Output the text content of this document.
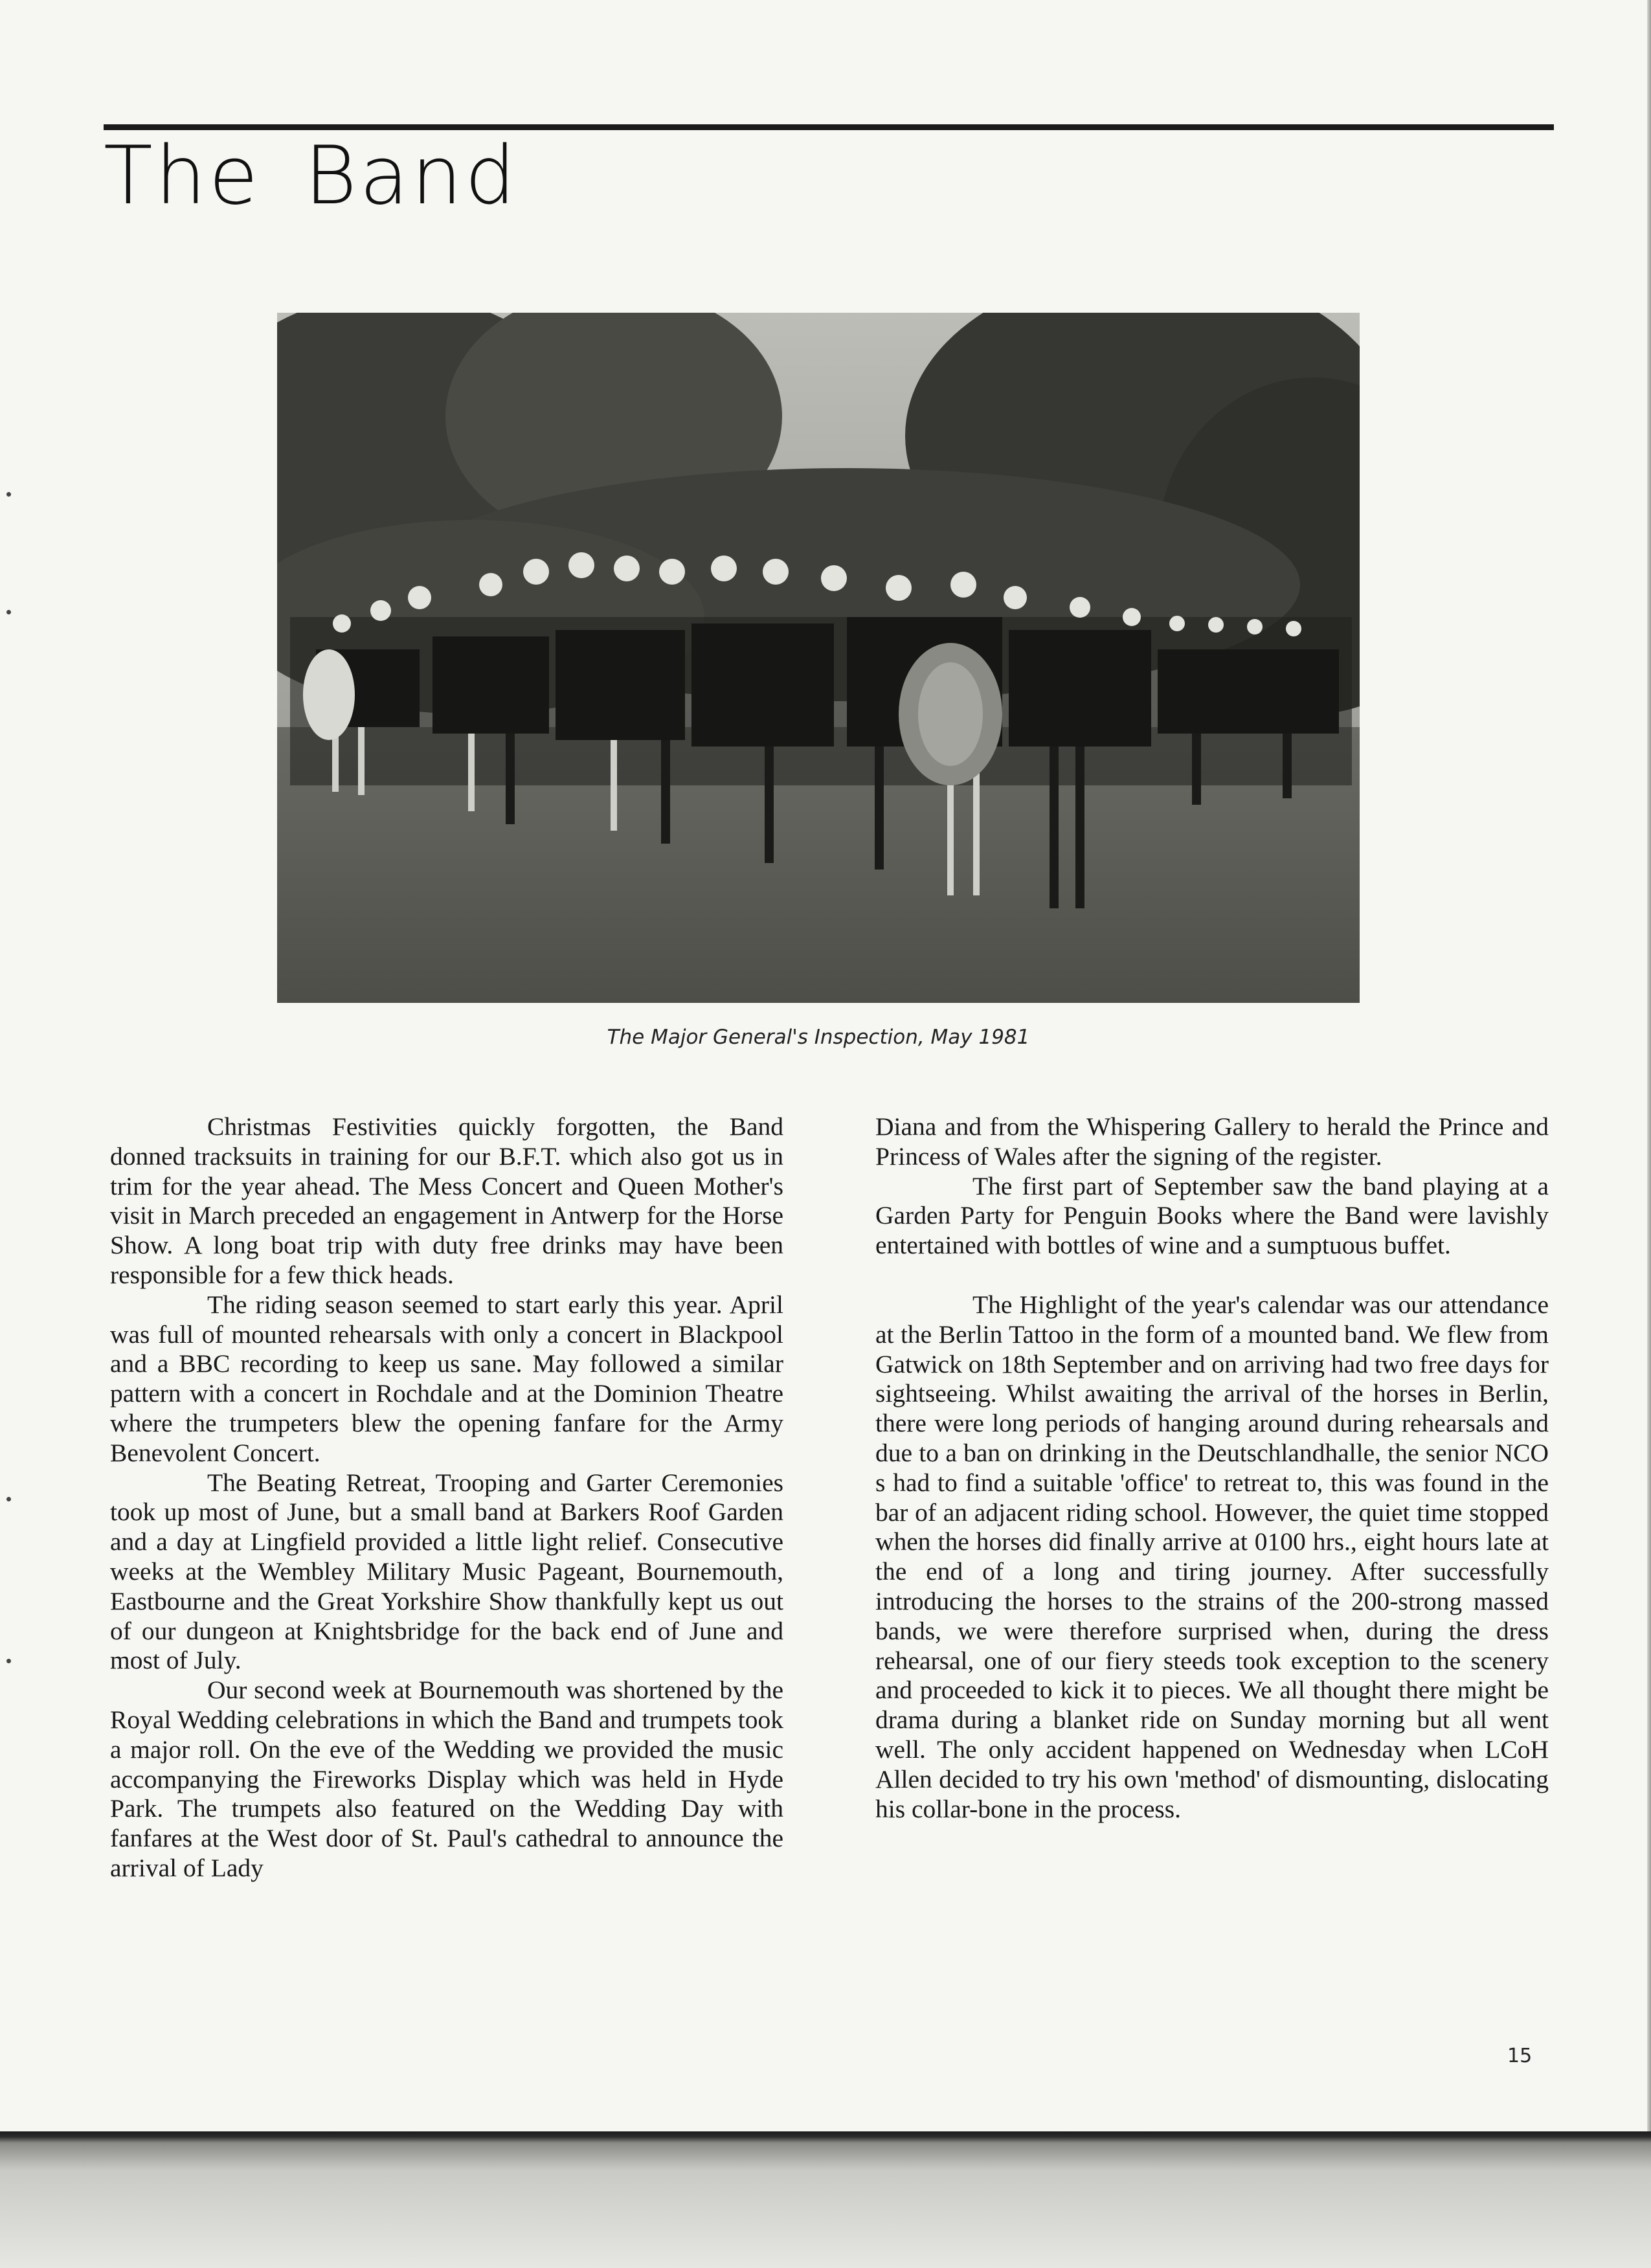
The Band
The Major General's Inspection, May 1981

Christmas Festivities quickly forgotten, the Band donned tracksuits in training for our B.F.T. which also got us in trim for the year ahead. The Mess Concert and Queen Mother's visit in March preceded an engagement in Antwerp for the Horse Show. A long boat trip with duty free drinks may have been responsible for a few thick heads.

The riding season seemed to start early this year. April was full of mounted rehearsals with only a concert in Blackpool and a BBC recording to keep us sane. May followed a similar pattern with a concert in Rochdale and at the Dominion Theatre where the trumpeters blew the opening fanfare for the Army Benevolent Concert.

The Beating Retreat, Trooping and Garter Ceremonies took up most of June, but a small band at Barkers Roof Garden and a day at Lingfield provided a little light relief. Consecutive weeks at the Wembley Military Music Pageant, Bournemouth, Eastbourne and the Great Yorkshire Show thankfully kept us out of our dungeon at Knightsbridge for the back end of June and most of July.

Our second week at Bournemouth was shortened by the Royal Wedding celebrations in which the Band and trumpets took a major roll. On the eve of the Wedding we provided the music accompanying the Fireworks Display which was held in Hyde Park. The trumpets also featured on the Wedding Day with fanfares at the West door of St. Paul's cathedral to announce the arrival of Lady

Diana and from the Whispering Gallery to herald the Prince and Princess of Wales after the signing of the register.

The first part of September saw the band playing at a Garden Party for Penguin Books where the Band were lavishly entertained with bottles of wine and a sumptuous buffet.

The Highlight of the year's calendar was our attendance at the Berlin Tattoo in the form of a mounted band. We flew from Gatwick on 18th September and on arriving had two free days for sightseeing. Whilst awaiting the arrival of the horses in Berlin, there were long periods of hanging around during rehearsals and due to a ban on drinking in the Deutschlandhalle, the senior NCO s had to find a suitable 'office' to retreat to, this was found in the bar of an adjacent riding school. However, the quiet time stopped when the horses did finally arrive at 0100 hrs., eight hours late at the end of a long and tiring journey. After successfully introducing the horses to the strains of the 200-strong massed bands, we were therefore surprised when, during the dress rehearsal, one of our fiery steeds took exception to the scenery and proceeded to kick it to pieces. We all thought there might be drama during a blanket ride on Sunday morning but all went well. The only accident happened on Wednesday when LCoH Allen decided to try his own 'method' of dismounting, dislocating his collar-bone in the process.

15
